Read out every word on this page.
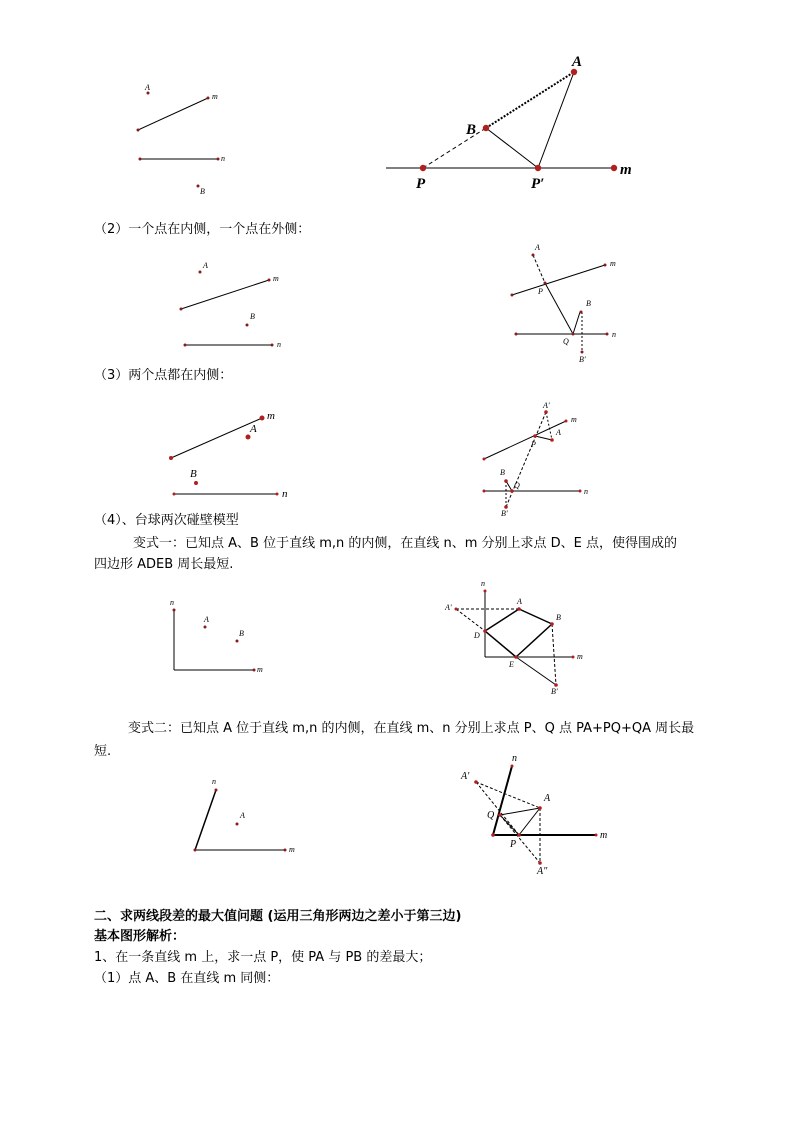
A
m
n
B
A
B
P	P′
m
A
m
B
n
A
m
P
B
Q
n
B'
m
A
B
n
A'
m
A
P
B
Q
n
B'
n
A
B
m
n
A'
A
B
D
E
m
B'
n
A
m
n
A'
A
Q
P
m
A"
（2）一个点在内侧，一个点在外侧：
（3）两个点都在内侧：
（4）、台球两次碰壁模型
变式一：已知点 A、B 位于直线 m,n 的内侧，在直线 n、m 分别上求点 D、E 点，使得围成的
四边形 ADEB 周长最短.
变式二：已知点 A 位于直线 m,n 的内侧，在直线 m、n 分别上求点 P、Q 点 PA+PQ+QA 周长最
短.
二、求两线段差的最大值问题 (运用三角形两边之差小于第三边)
基本图形解析：
1、在一条直线 m 上，求一点 P，使 PA 与 PB 的差最大；
（1）点 A、B 在直线 m 同侧：
